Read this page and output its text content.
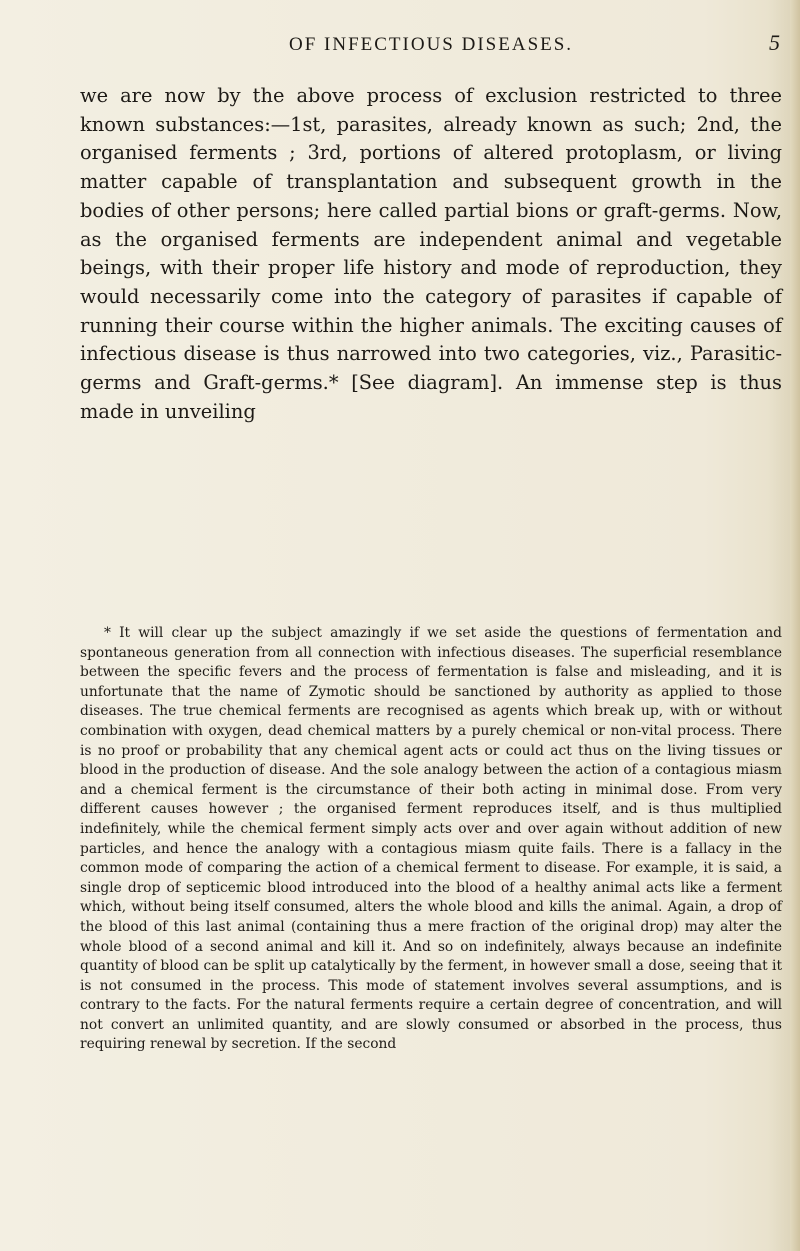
OF INFECTIOUS DISEASES.	5

we are now by the above process of exclusion restricted to three known substances:—1st, parasites, already known as such; 2nd, the organised ferments ; 3rd, portions of altered protoplasm, or living matter capable of transplantation and subsequent growth in the bodies of other persons; here called partial bions or graft-germs. Now, as the organised ferments are independent animal and vegetable beings, with their proper life history and mode of reproduction, they would necessarily come into the category of parasites if capable of running their course within the higher animals. The exciting causes of infectious disease is thus narrowed into two categories, viz., Parasitic-germs and Graft-germs.* [See diagram]. An immense step is thus made in unveiling

* It will clear up the subject amazingly if we set aside the questions of fermentation and spontaneous generation from all connection with infectious diseases. The superficial resemblance between the specific fevers and the process of fermentation is false and misleading, and it is unfortunate that the name of Zymotic should be sanctioned by authority as applied to those diseases. The true chemical ferments are recognised as agents which break up, with or without combination with oxygen, dead chemical matters by a purely chemical or non-vital process. There is no proof or probability that any chemical agent acts or could act thus on the living tissues or blood in the production of disease. And the sole analogy between the action of a contagious miasm and a chemical ferment is the circumstance of their both acting in minimal dose. From very different causes however ; the organised ferment reproduces itself, and is thus multiplied indefinitely, while the chemical ferment simply acts over and over again without addition of new particles, and hence the analogy with a contagious miasm quite fails. There is a fallacy in the common mode of comparing the action of a chemical ferment to disease. For example, it is said, a single drop of septicemic blood introduced into the blood of a healthy animal acts like a ferment which, without being itself consumed, alters the whole blood and kills the animal. Again, a drop of the blood of this last animal (containing thus a mere fraction of the original drop) may alter the whole blood of a second animal and kill it. And so on indefinitely, always because an indefinite quantity of blood can be split up catalytically by the ferment, in however small a dose, seeing that it is not consumed in the process. This mode of statement involves several assumptions, and is contrary to the facts. For the natural ferments require a certain degree of concentration, and will not convert an unlimited quantity, and are slowly consumed or absorbed in the process, thus requiring renewal by secretion. If the second
